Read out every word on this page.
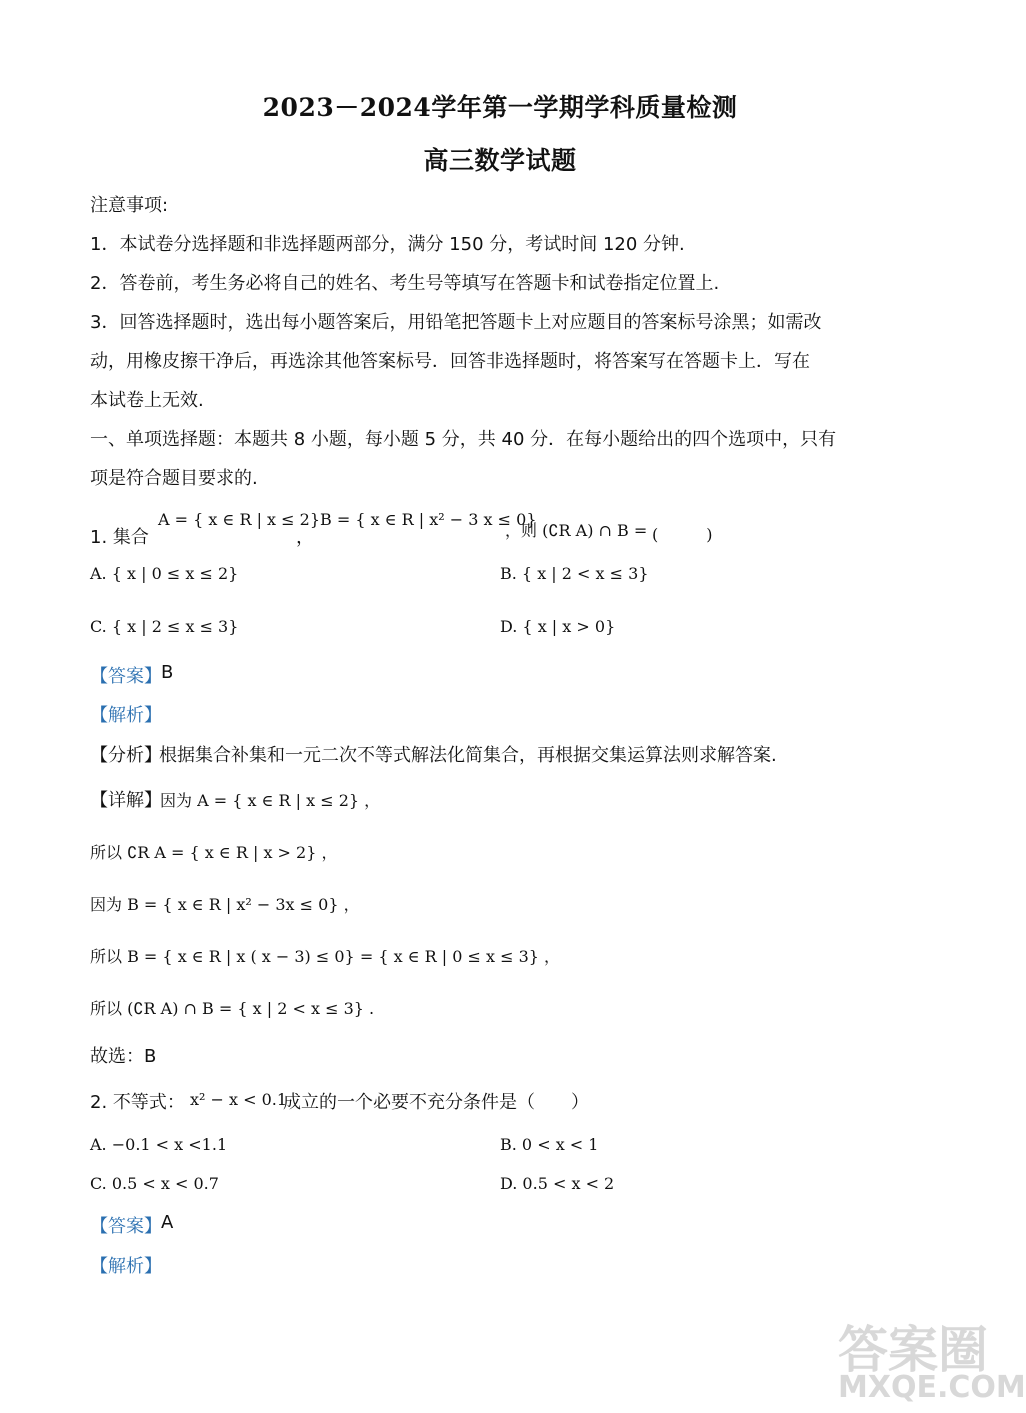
2023－2024学年第一学期学科质量检测
高三数学试题
注意事项:
1．本试卷分选择题和非选择题两部分，满分 150 分，考试时间 120 分钟.
2．答卷前，考生务必将自己的姓名、考生号等填写在答题卡和试卷指定位置上.
3．回答选择题时，选出每小题答案后，用铅笔把答题卡上对应题目的答案标号涂黑；如需改
动，用橡皮擦干净后，再选涂其他答案标号．回答非选择题时，将答案写在答题卡上．写在
本试卷上无效.
一、单项选择题：本题共 8 小题，每小题 5 分，共 40 分．在每小题给出的四个选项中，只有
项是符合题目要求的.
1. 集合
A = { x ∈ R | x ≤ 2}
，
B = { x ∈ R | x² − 3 x ≤ 0}
，则 (∁R A) ∩ B = (　　　)
A. { x | 0 ≤ x ≤ 2}	B. { x | 2 < x ≤ 3}
C. { x | 2 ≤ x ≤ 3}	D. { x | x > 0}
【答案】 B
【解析】
【分析】
根据集合补集和一元二次不等式解法化简集合，再根据交集运算法则求解答案.
【详解】
因为 A = { x ∈ R | x ≤ 2} ，
所以 ∁R A = { x ∈ R | x > 2} ，
因为 B = { x ∈ R | x² − 3x ≤ 0} ，
所以 B = { x ∈ R | x ( x − 3) ≤ 0} = { x ∈ R | 0 ≤ x ≤ 3} ，
所以 (∁R A) ∩ B = { x | 2 < x ≤ 3} .
故选：B
2. 不等式： x² − x < 0.1
成立的一个必要不充分条件是（　　）
A. −0.1 < x <1.1	B. 0 < x < 1
C. 0.5 < x < 0.7	D. 0.5 < x < 2
【答案】 A
【解析】
答案圈
MXQE.COM
